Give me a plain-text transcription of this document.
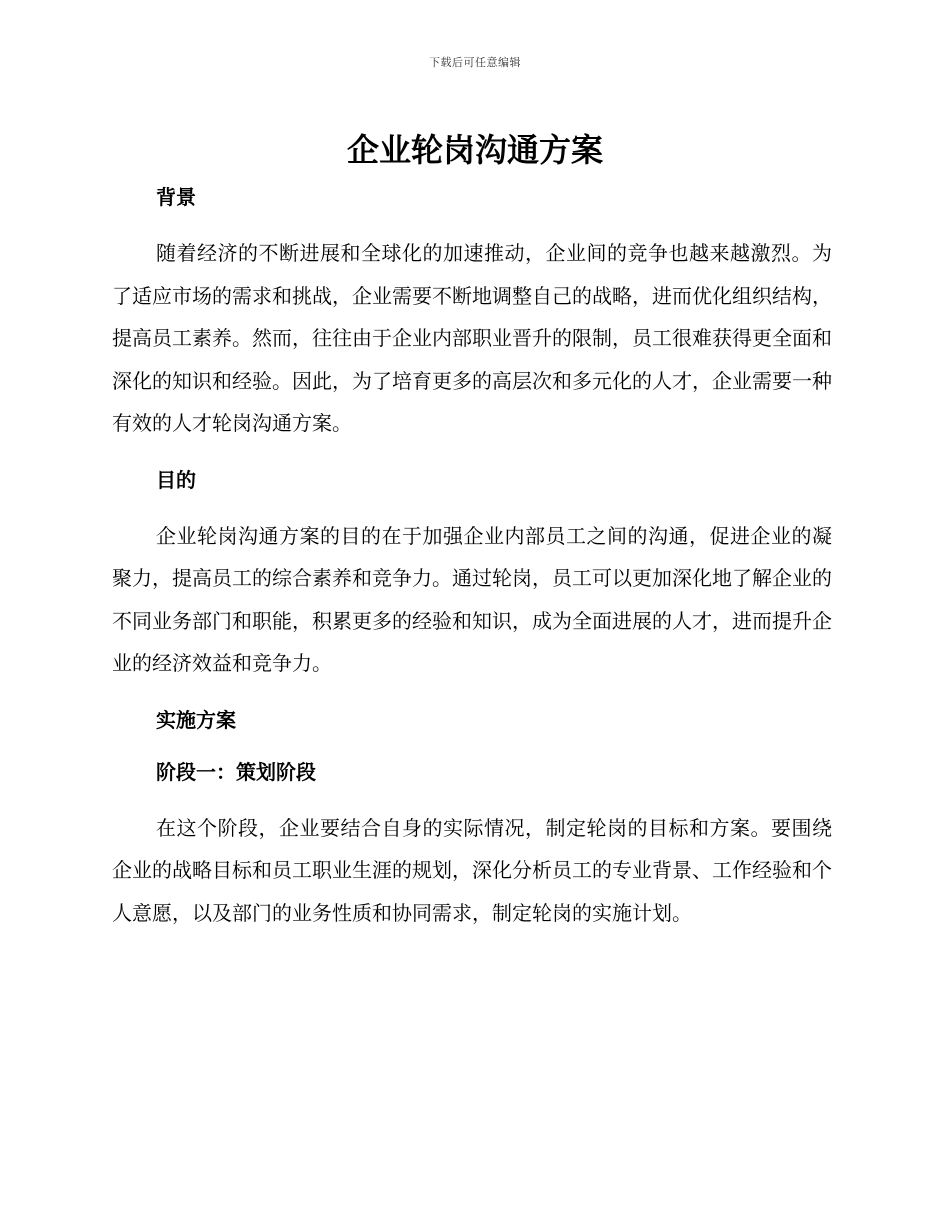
下载后可任意编辑
企业轮岗沟通方案
背景

随着经济的不断进展和全球化的加速推动，企业间的竞争也越来越激烈。为了适应市场的需求和挑战，企业需要不断地调整自己的战略，进而优化组织结构，提高员工素养。然而，往往由于企业内部职业晋升的限制，员工很难获得更全面和深化的知识和经验。因此，为了培育更多的高层次和多元化的人才，企业需要一种有效的人才轮岗沟通方案。

目的

企业轮岗沟通方案的目的在于加强企业内部员工之间的沟通，促进企业的凝聚力，提高员工的综合素养和竞争力。通过轮岗，员工可以更加深化地了解企业的不同业务部门和职能，积累更多的经验和知识，成为全面进展的人才，进而提升企业的经济效益和竞争力。

实施方案
阶段一：策划阶段

在这个阶段，企业要结合自身的实际情况，制定轮岗的目标和方案。要围绕企业的战略目标和员工职业生涯的规划，深化分析员工的专业背景、工作经验和个人意愿，以及部门的业务性质和协同需求，制定轮岗的实施计划。
